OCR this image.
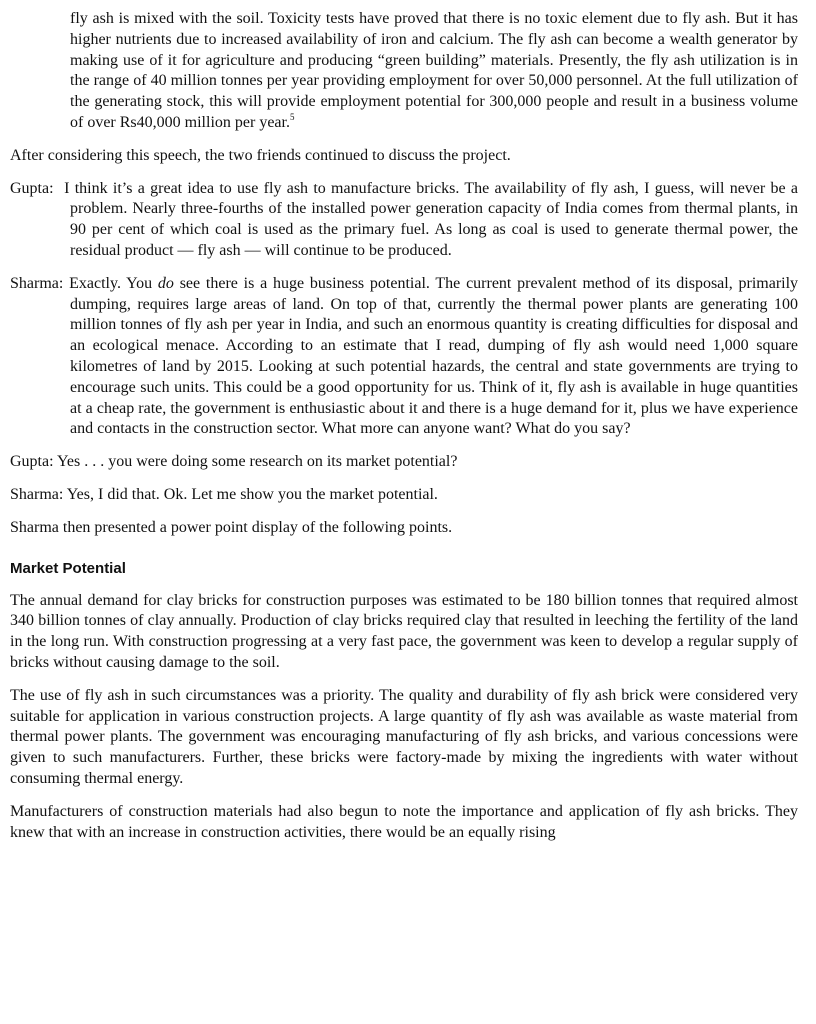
fly ash is mixed with the soil. Toxicity tests have proved that there is no toxic element due to fly ash. But it has higher nutrients due to increased availability of iron and calcium. The fly ash can become a wealth generator by making use of it for agriculture and producing “green building” materials. Presently, the fly ash utilization is in the range of 40 million tonnes per year providing employment for over 50,000 personnel. At the full utilization of the generating stock, this will provide employment potential for 300,000 people and result in a business volume of over Rs40,000 million per year.$^5$

After considering this speech, the two friends continued to discuss the project.

Gupta: I think it’s a great idea to use fly ash to manufacture bricks. The availability of fly ash, I guess, will never be a problem. Nearly three-fourths of the installed power generation capacity of India comes from thermal plants, in 90 per cent of which coal is used as the primary fuel. As long as coal is used to generate thermal power, the residual product — fly ash — will continue to be produced.

Sharma: Exactly. You do see there is a huge business potential. The current prevalent method of its disposal, primarily dumping, requires large areas of land. On top of that, currently the thermal power plants are generating 100 million tonnes of fly ash per year in India, and such an enormous quantity is creating difficulties for disposal and an ecological menace. According to an estimate that I read, dumping of fly ash would need 1,000 square kilometres of land by 2015. Looking at such potential hazards, the central and state governments are trying to encourage such units. This could be a good opportunity for us. Think of it, fly ash is available in huge quantities at a cheap rate, the government is enthusiastic about it and there is a huge demand for it, plus we have experience and contacts in the construction sector. What more can anyone want? What do you say?

Gupta: Yes . . . you were doing some research on its market potential?

Sharma: Yes, I did that. Ok. Let me show you the market potential.

Sharma then presented a power point display of the following points.

Market Potential

The annual demand for clay bricks for construction purposes was estimated to be 180 billion tonnes that required almost 340 billion tonnes of clay annually. Production of clay bricks required clay that resulted in leeching the fertility of the land in the long run. With construction progressing at a very fast pace, the government was keen to develop a regular supply of bricks without causing damage to the soil.

The use of fly ash in such circumstances was a priority. The quality and durability of fly ash brick were considered very suitable for application in various construction projects. A large quantity of fly ash was available as waste material from thermal power plants. The government was encouraging manufacturing of fly ash bricks, and various concessions were given to such manufacturers. Further, these bricks were factory-made by mixing the ingredients with water without consuming thermal energy.

Manufacturers of construction materials had also begun to note the importance and application of fly ash bricks. They knew that with an increase in construction activities, there would be an equally rising
